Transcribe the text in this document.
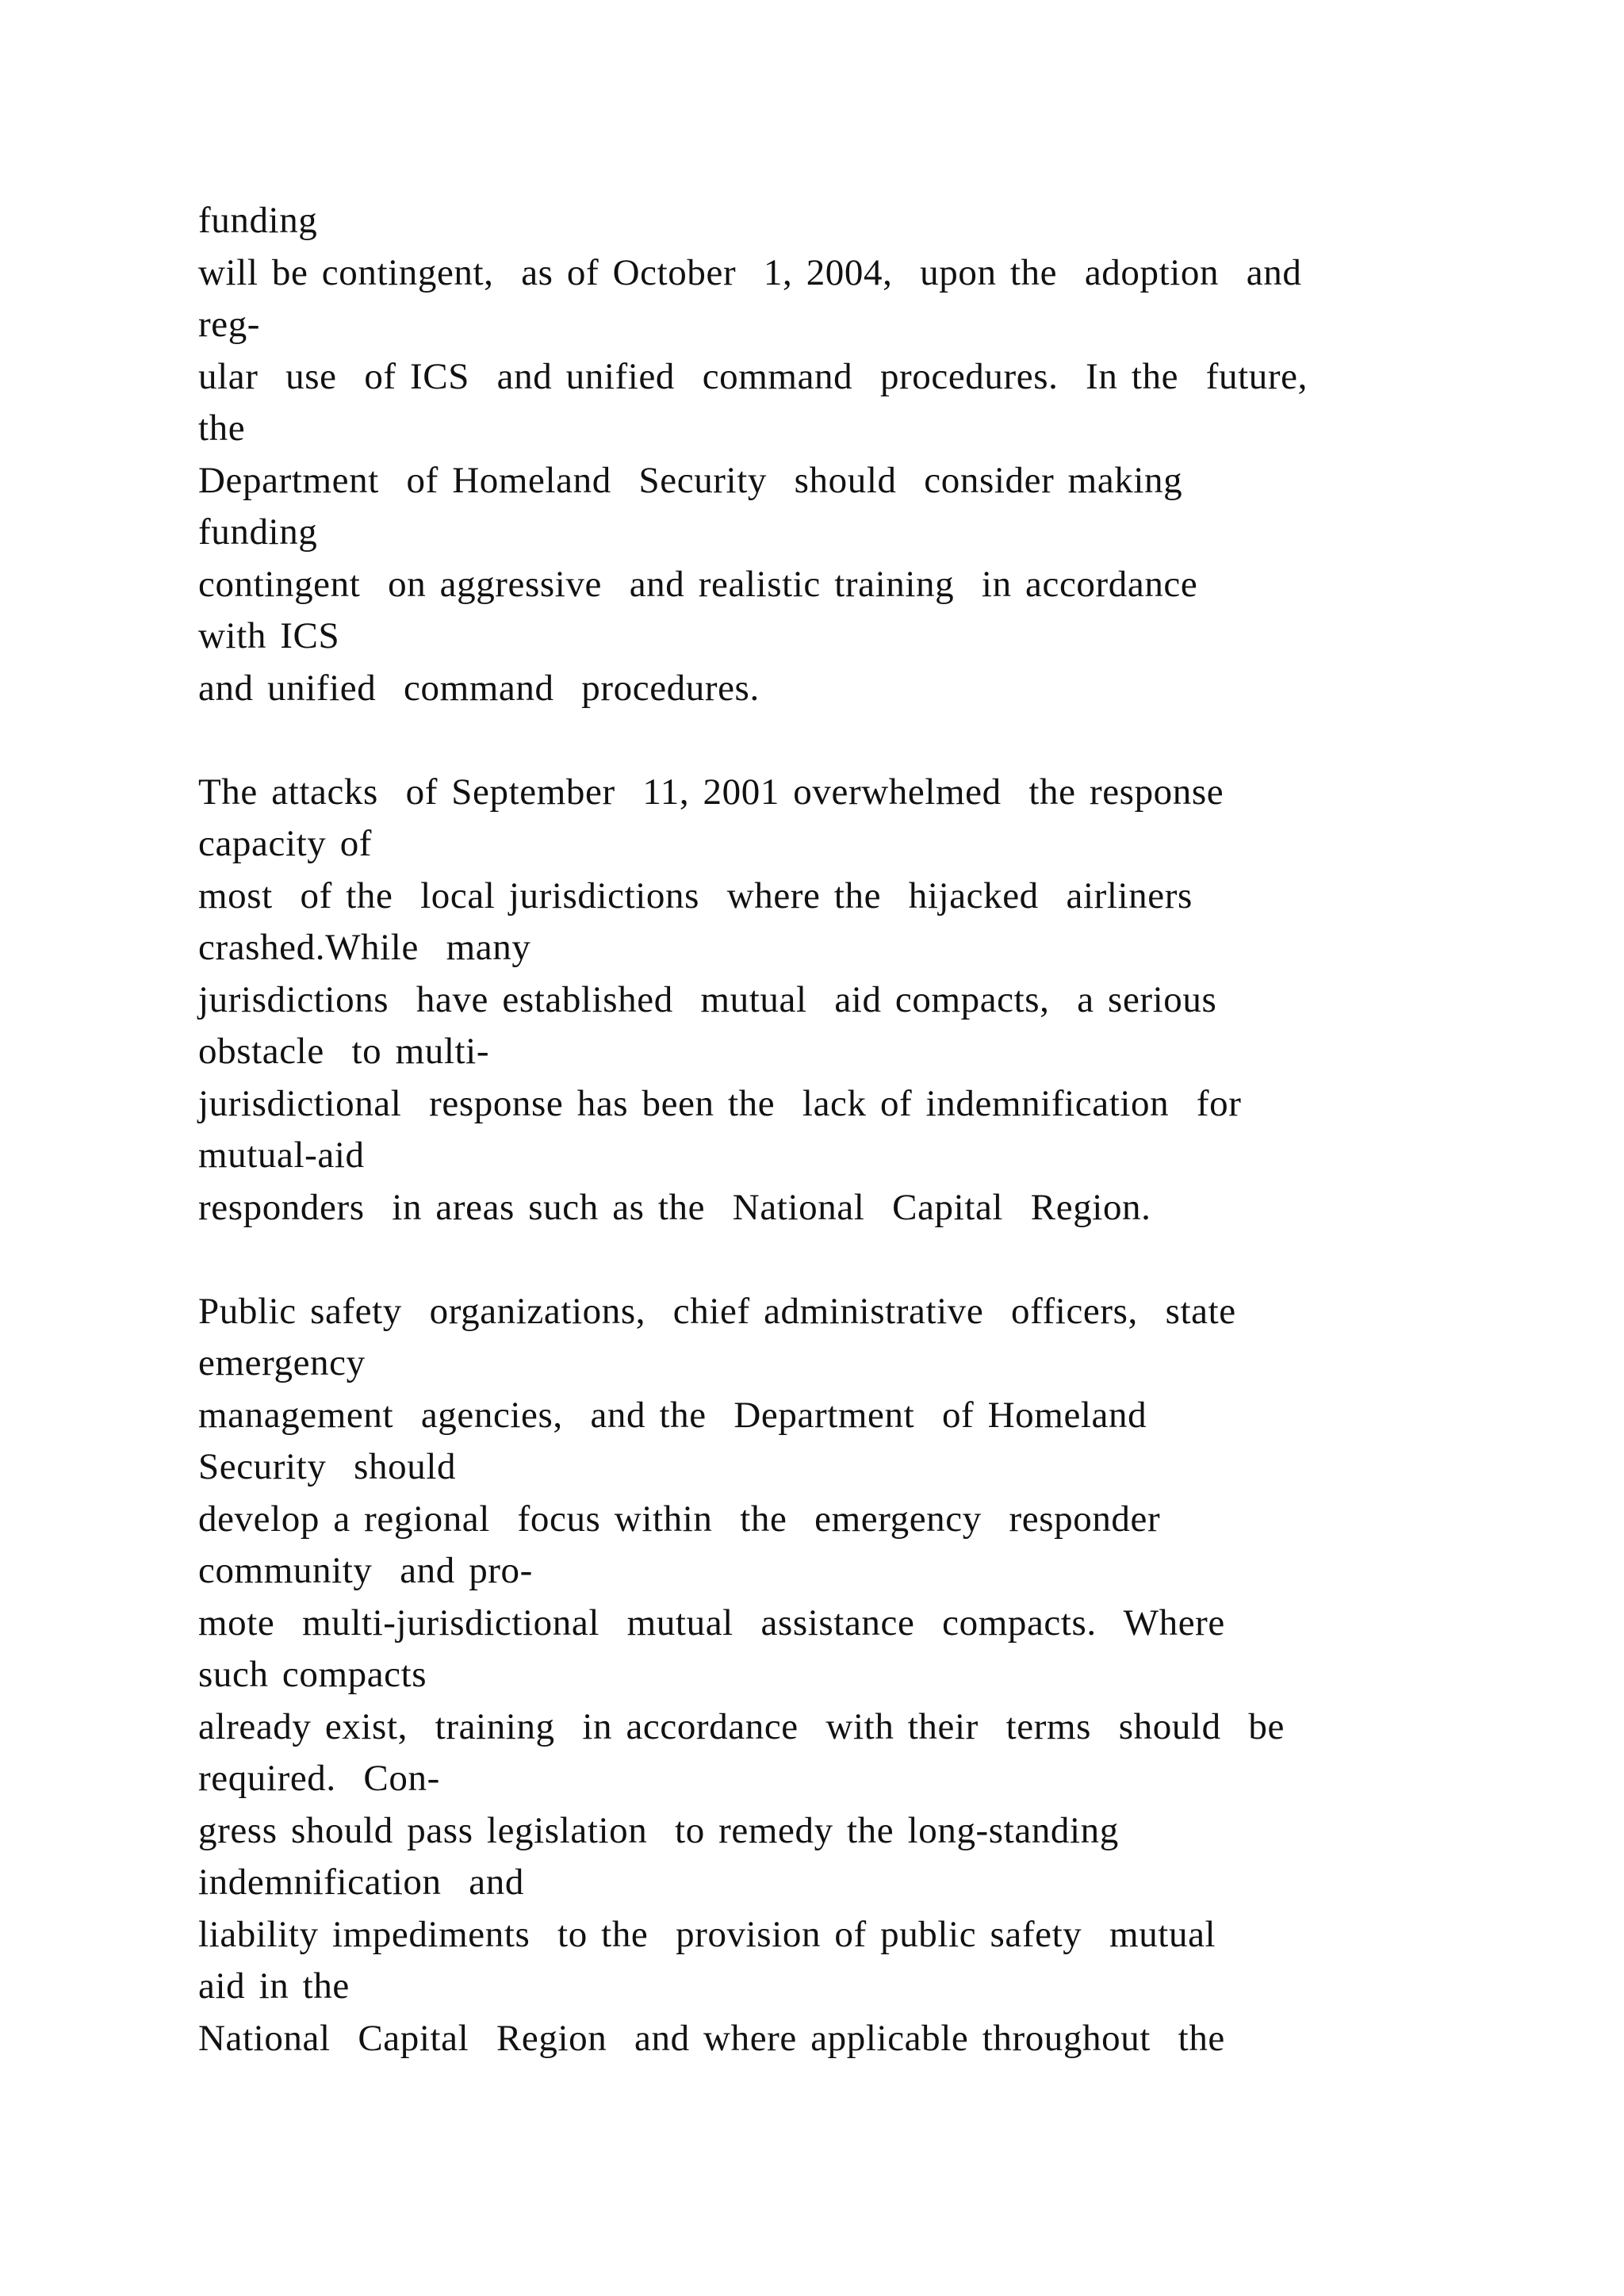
funding
will be contingent,  as of October  1, 2004,  upon the  adoption  and
reg-
ular  use  of ICS  and unified  command  procedures.  In the  future,
the
Department  of Homeland  Security  should  consider making
funding
contingent  on aggressive  and realistic training  in accordance
with ICS
and unified  command  procedures.
The attacks  of September  11, 2001 overwhelmed  the response
capacity of
most  of the  local jurisdictions  where the  hijacked  airliners
crashed.While  many
jurisdictions  have established  mutual  aid compacts,  a serious
obstacle  to multi-
jurisdictional  response has been the  lack of indemnification  for
mutual-aid
responders  in areas such as the  National  Capital  Region.
Public safety  organizations,  chief administrative  officers,  state
emergency
management  agencies,  and the  Department  of Homeland
Security  should
develop a regional  focus within  the  emergency  responder
community  and pro-
mote  multi-jurisdictional  mutual  assistance  compacts.  Where
such compacts
already exist,  training  in accordance  with their  terms  should  be
required.  Con-
gress should pass legislation  to remedy the long-standing
indemnification  and
liability impediments  to the  provision of public safety  mutual
aid in the
National  Capital  Region  and where applicable throughout  the
